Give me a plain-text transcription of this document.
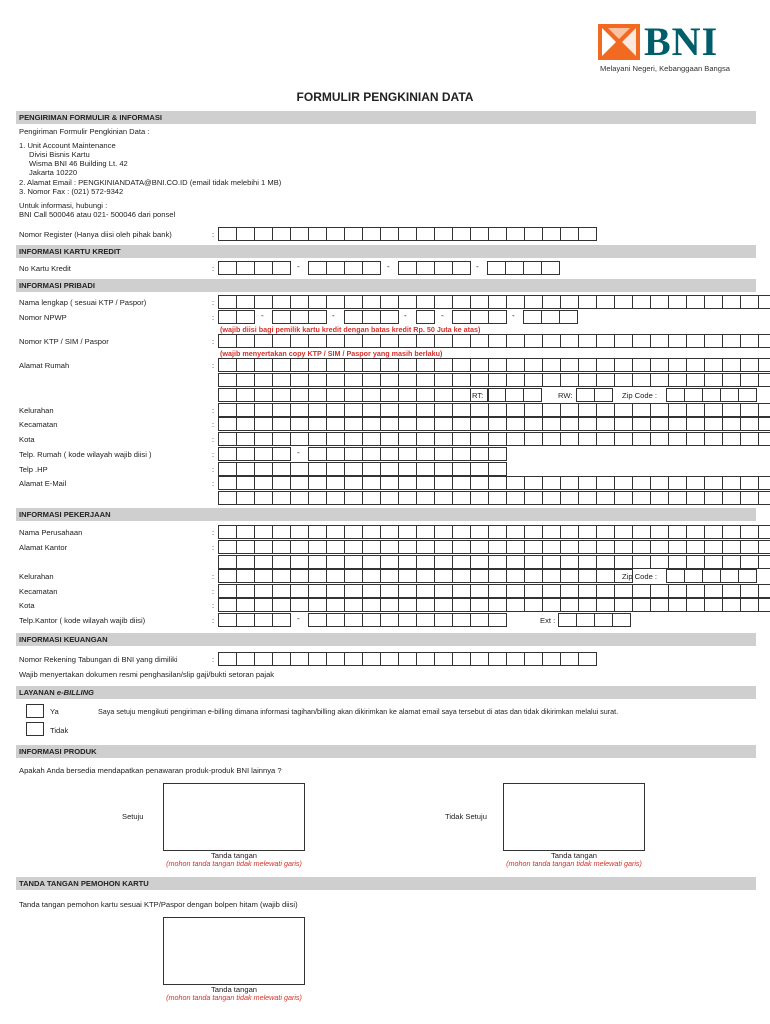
BNI
Melayani Negeri, Kebanggaan Bangsa
FORMULIR PENGKINIAN DATA
PENGIRIMAN FORMULIR & INFORMASI
Pengiriman Formulir Pengkinian Data :
1. Unit Account Maintenance
Divisi Bisnis Kartu
Wisma BNI 46 Building Lt. 42
Jakarta 10220
2. Alamat Email : PENGKINIANDATA@BNI.CO.ID (email tidak melebihi 1 MB)
3. Nomor Fax : (021) 572-9342
Untuk informasi, hubungi :
BNI Call 500046 atau 021- 500046 dari ponsel
Nomor Register (Hanya diisi oleh pihak bank)	:
INFORMASI KARTU KREDIT
No Kartu Kredit	:	-	-	-
INFORMASI PRIBADI
Nama lengkap ( sesuai KTP / Paspor)	:
Nomor NPWP	:	-	-	-	-	-
(wajib diisi bagi pemilik kartu kredit dengan batas kredit Rp. 50 Juta ke atas)
Nomor KTP / SIM / Paspor	:
(wajib menyertakan copy KTP / SIM / Paspor yang masih berlaku)
Alamat Rumah	:
RT:	RW:	Zip Code :
Kelurahan	:
Kecamatan	:
Kota	:
Telp. Rumah ( kode wilayah wajib diisi )	:	-
Telp .HP	:
Alamat E-Mail	:
INFORMASI PEKERJAAN
Nama Perusahaan	:
Alamat Kantor	:
Kelurahan	:	Zip Code :
Kecamatan	:
Kota	:
Telp.Kantor ( kode wilayah wajib diisi)	:	-	Ext :
INFORMASI KEUANGAN
Nomor Rekening Tabungan di BNI yang dimiliki	:
Wajib menyertakan dokumen resmi penghasilan/slip gaji/bukti setoran pajak
LAYANAN e-BILLING
Ya	Saya setuju mengikuti pengiriman e-billing dimana informasi tagihan/billing akan dikirimkan ke alamat email saya tersebut di atas dan tidak dikirimkan melalui surat.
Tidak
INFORMASI PRODUK
Apakah Anda bersedia mendapatkan penawaran produk-produk BNI lainnya ?
Setuju
Tanda tangan
(mohon tanda tangan tidak melewati garis)
Tidak Setuju
Tanda tangan
(mohon tanda tangan tidak melewati garis)
TANDA TANGAN PEMOHON KARTU
Tanda tangan pemohon kartu sesuai KTP/Paspor dengan bolpen hitam (wajib diisi)
Tanda tangan
(mohon tanda tangan tidak melewati garis)
